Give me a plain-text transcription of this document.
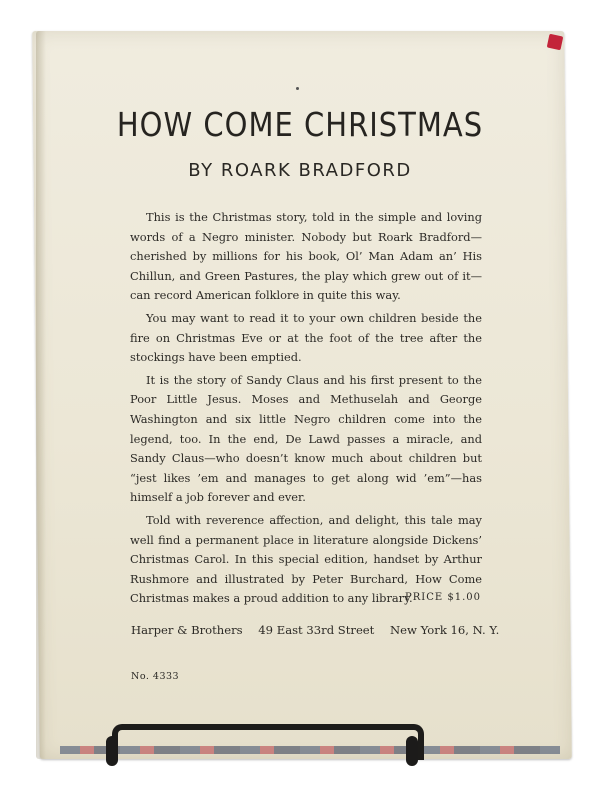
HOW COME CHRISTMAS
BY ROARK BRADFORD

This is the Christmas story, told in the simple and loving words of a Negro minister. Nobody but Roark Bradford—cherished by millions for his book, Ol’ Man Adam an’ His Chillun, and Green Pastures, the play which grew out of it—can record American folklore in quite this way.

You may want to read it to your own children beside the fire on Christmas Eve or at the foot of the tree after the stockings have been emptied.

It is the story of Sandy Claus and his first present to the Poor Little Jesus. Moses and Methuselah and George Washington and six little Negro children come into the legend, too. In the end, De Lawd passes a miracle, and Sandy Claus—who doesn’t know much about children but “jest likes ’em and manages to get along wid ’em”—has himself a job forever and ever.

Told with reverence affection, and delight, this tale may well find a permanent place in literature alongside Dickens’ Christmas Carol. In this special edition, handset by Arthur Rushmore and illustrated by Peter Burchard, How Come Christmas makes a proud addition to any library.

PRICE $1.00
Harper & Brothers 49 East 33rd Street New York 16, N. Y.
No. 4333
